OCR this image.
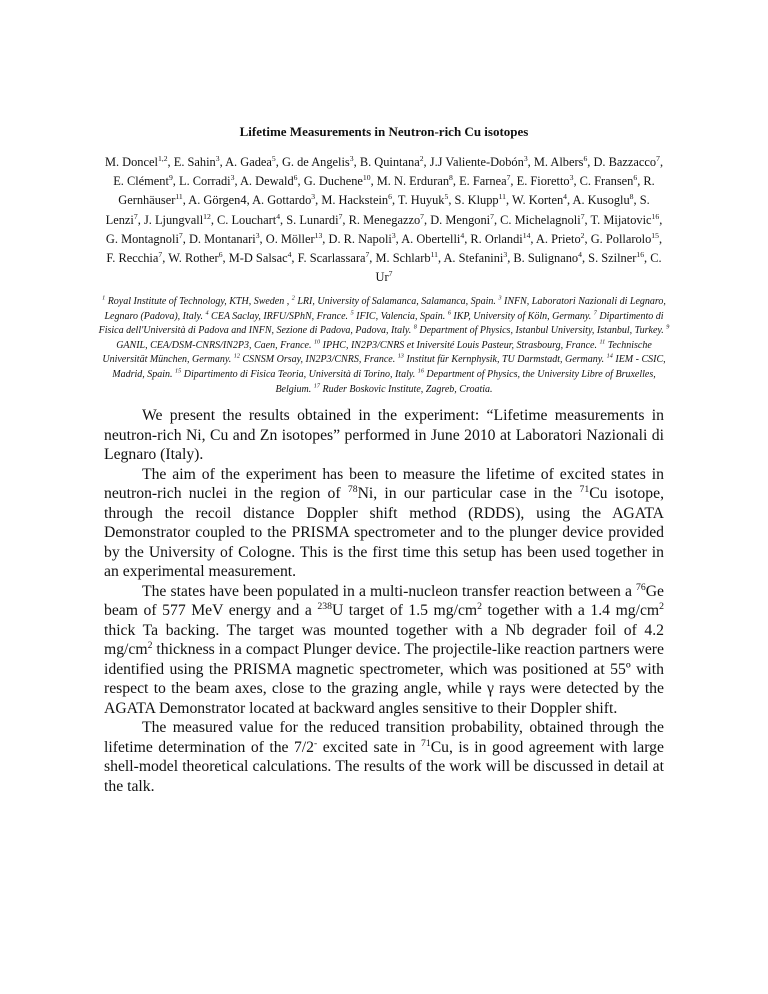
Lifetime Measurements in Neutron-rich Cu isotopes
M. Doncel$^{1,2}$, E. Sahin$^3$, A. Gadea$^5$, G. de Angelis$^3$, B. Quintana$^2$, J.J Valiente-Dobón$^3$, M. Albers$^6$, D. Bazzacco$^7$, E. Clément$^9$, L. Corradi$^3$, A. Dewald$^6$, G. Duchene$^{10}$, M. N. Erduran$^8$, E. Farnea$^7$, E. Fioretto$^3$, C. Fransen$^6$, R. Gernhäuser$^{11}$, A. Görgen4, A. Gottardo$^3$, M. Hackstein$^6$, T. Huyuk$^5$, S. Klupp$^{11}$, W. Korten$^4$, A. Kusoglu$^8$, S. Lenzi$^7$, J. Ljungvall$^{12}$, C. Louchart$^4$, S. Lunardi$^7$, R. Menegazzo$^7$, D. Mengoni$^7$, C. Michelagnoli$^7$, T. Mijatovic$^{16}$, G. Montagnoli$^7$, D. Montanari$^3$, O. Möller$^{13}$, D. R. Napoli$^3$, A. Obertelli$^4$, R. Orlandi$^{14}$, A. Prieto$^2$, G. Pollarolo$^{15}$, F. Recchia$^7$, W. Rother$^6$, M-D Salsac$^4$, F. Scarlassara$^7$, M. Schlarb$^{11}$, A. Stefanini$^3$, B. Sulignano$^4$, S. Szilner$^{16}$, C. Ur$^7$
$^1$ Royal Institute of Technology, KTH, Sweden , $^2$ LRI, University of Salamanca, Salamanca, Spain. $^3$ INFN, Laboratori Nazionali di Legnaro, Legnaro (Padova), Italy. $^4$ CEA Saclay, IRFU/SPhN, France. $^5$ IFIC, Valencia, Spain. $^6$ IKP, University of Köln, Germany. $^7$ Dipartimento di Fisica dell'Università di Padova and INFN, Sezione di Padova, Padova, Italy. $^8$ Department of Physics, Istanbul University, Istanbul, Turkey. $^9$ GANIL, CEA/DSM-CNRS/IN2P3, Caen, France. $^{10}$ IPHC, IN2P3/CNRS et Iniversité Louis Pasteur, Strasbourg, France. $^{11}$ Technische Universität München, Germany. $^{12}$ CSNSM Orsay, IN2P3/CNRS, France. $^{13}$ Institut für Kernphysik, TU Darmstadt, Germany. $^{14}$ IEM - CSIC, Madrid, Spain. $^{15}$ Dipartimento di Fisica Teoria, Università di Torino, Italy. $^{16}$ Department of Physics, the University Libre of Bruxelles, Belgium. $^{17}$ Ruder Boskovic Institute, Zagreb, Croatia.

We present the results obtained in the experiment: “Lifetime measurements in neutron-rich Ni, Cu and Zn isotopes” performed in June 2010 at Laboratori Nazionali di Legnaro (Italy).

The aim of the experiment has been to measure the lifetime of excited states in neutron-rich nuclei in the region of $^{78}$Ni, in our particular case in the $^{71}$Cu isotope, through the recoil distance Doppler shift method (RDDS), using the AGATA Demonstrator coupled to the PRISMA spectrometer and to the plunger device provided by the University of Cologne. This is the first time this setup has been used together in an experimental measurement.

The states have been populated in a multi-nucleon transfer reaction between a $^{76}$Ge beam of 577 MeV energy and a $^{238}$U target of 1.5 $mg/cm^2$ together with a 1.4 $mg/cm^2$ thick Ta backing. The target was mounted together with a Nb degrader foil of 4.2 $mg/cm^2$ thickness in a compact Plunger device. The projectile-like reaction partners were identified using the PRISMA magnetic spectrometer, which was positioned at 55º with respect to the beam axes, close to the grazing angle, while γ rays were detected by the AGATA Demonstrator located at backward angles sensitive to their Doppler shift.

The measured value for the reduced transition probability, obtained through the lifetime determination of the 7/2- excited sate in $^{71}$Cu, is in good agreement with large shell-model theoretical calculations. The results of the work will be discussed in detail at the talk.
